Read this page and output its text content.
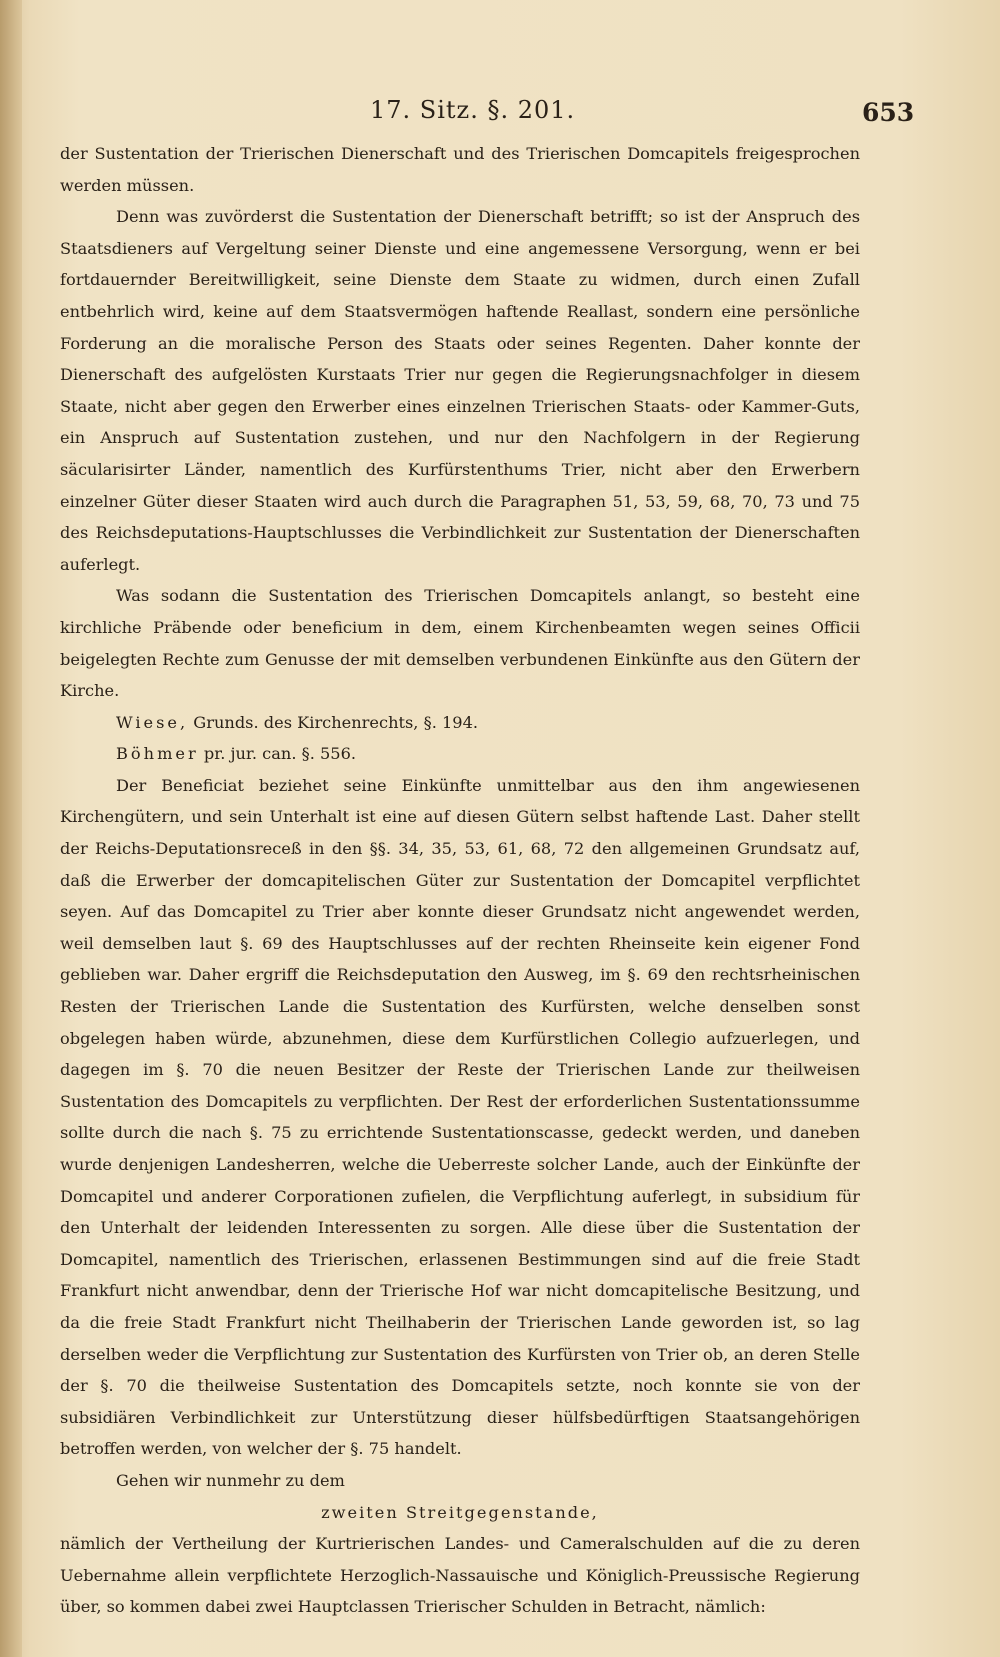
17. Sitz. §. 201.	653

der Sustentation der Trierischen Dienerschaft und des Trierischen Domcapitels freigesprochen werden müssen.

Denn was zuvörderst die Sustentation der Dienerschaft betrifft; so ist der Anspruch des Staatsdieners auf Vergeltung seiner Dienste und eine angemessene Versorgung, wenn er bei fortdauernder Bereitwilligkeit, seine Dienste dem Staate zu widmen, durch einen Zufall entbehrlich wird, keine auf dem Staatsvermögen haftende Reallast, sondern eine persönliche Forderung an die moralische Person des Staats oder seines Regenten. Daher konnte der Dienerschaft des aufgelösten Kurstaats Trier nur gegen die Regierungsnachfolger in diesem Staate, nicht aber gegen den Erwerber eines einzelnen Trierischen Staats- oder Kammer-Guts, ein Anspruch auf Sustentation zustehen, und nur den Nachfolgern in der Regierung säcularisirter Länder, namentlich des Kurfürstenthums Trier, nicht aber den Erwerbern einzelner Güter dieser Staaten wird auch durch die Paragraphen 51, 53, 59, 68, 70, 73 und 75 des Reichsdeputations-Hauptschlusses die Verbindlichkeit zur Sustentation der Dienerschaften auferlegt.

Was sodann die Sustentation des Trierischen Domcapitels anlangt, so besteht eine kirchliche Präbende oder beneficium in dem, einem Kirchenbeamten wegen seines Officii beigelegten Rechte zum Genusse der mit demselben verbundenen Einkünfte aus den Gütern der Kirche.

Wiese, Grunds. des Kirchenrechts, §. 194.

Böhmer pr. jur. can. §. 556.

Der Beneficiat beziehet seine Einkünfte unmittelbar aus den ihm angewiesenen Kirchengütern, und sein Unterhalt ist eine auf diesen Gütern selbst haftende Last. Daher stellt der Reichs-Deputationsreceß in den §§. 34, 35, 53, 61, 68, 72 den allgemeinen Grundsatz auf, daß die Erwerber der domcapitelischen Güter zur Sustentation der Domcapitel verpflichtet seyen. Auf das Domcapitel zu Trier aber konnte dieser Grundsatz nicht angewendet werden, weil demselben laut §. 69 des Hauptschlusses auf der rechten Rheinseite kein eigener Fond geblieben war. Daher ergriff die Reichsdeputation den Ausweg, im §. 69 den rechtsrheinischen Resten der Trierischen Lande die Sustentation des Kurfürsten, welche denselben sonst obgelegen haben würde, abzunehmen, diese dem Kurfürstlichen Collegio aufzuerlegen, und dagegen im §. 70 die neuen Besitzer der Reste der Trierischen Lande zur theilweisen Sustentation des Domcapitels zu verpflichten. Der Rest der erforderlichen Sustentationssumme sollte durch die nach §. 75 zu errichtende Sustentationscasse, gedeckt werden, und daneben wurde denjenigen Landesherren, welche die Ueberreste solcher Lande, auch der Einkünfte der Domcapitel und anderer Corporationen zufielen, die Verpflichtung auferlegt, in subsidium für den Unterhalt der leidenden Interessenten zu sorgen. Alle diese über die Sustentation der Domcapitel, namentlich des Trierischen, erlassenen Bestimmungen sind auf die freie Stadt Frankfurt nicht anwendbar, denn der Trierische Hof war nicht domcapitelische Besitzung, und da die freie Stadt Frankfurt nicht Theilhaberin der Trierischen Lande geworden ist, so lag derselben weder die Verpflichtung zur Sustentation des Kurfürsten von Trier ob, an deren Stelle der §. 70 die theilweise Sustentation des Domcapitels setzte, noch konnte sie von der subsidiären Verbindlichkeit zur Unterstützung dieser hülfsbedürftigen Staatsangehörigen betroffen werden, von welcher der §. 75 handelt.

Gehen wir nunmehr zu dem

zweiten Streitgegenstande,

nämlich der Vertheilung der Kurtrierischen Landes- und Cameralschulden auf die zu deren Uebernahme allein verpflichtete Herzoglich-Nassauische und Königlich-Preussische Regierung über, so kommen dabei zwei Hauptclassen Trierischer Schulden in Betracht, nämlich:
